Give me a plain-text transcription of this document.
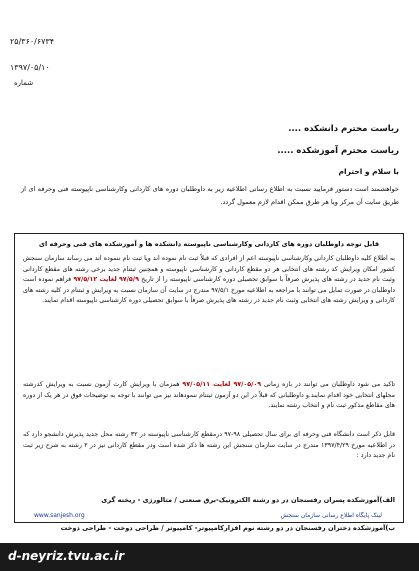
۲۵/۳۶۰/۶۷۳۴
۱۳۹۷/۰۵/۱۰
شماره
ریاست محترم دانشکده ....
ریاست محترم آموزشکده .....
با سلام و احترام
خواهشمند است دستور فرمایید نسبت به اطلاع رسانی اطلاعیه زیر به داوطلبان دوره های کاردانی وکارشناسی ناپیوسته فنی وحرفه ای از طریق سایت آن مرکز ویا هر طرق ممکن اقدام لازم معمول گردد.
قابل توجه داوطلبان دوره های کاردانی وکارشناسی ناپیوسته دانشکده ها و آموزشکده های فنی وحرفه ای
به اطلاع کلیه داوطلبان کاردانی وکارشناسی ناپیوسته اعم از افرادی که قبلاً ثبت نام نموده اند ویا ثبت نام ننموده اند می رساند سازمان سنجش کشور امکان ویرایش کد رشته های انتخابی هر دو مقطع کاردانی و کارشناسی ناپیوسته و همچنین ثبتنام جدید برخی رشته های مقطع کاردانی وثبت نام جدید در رشته های پذیرش صرفاً با سوابق تحصیلی دوره کارشناسی ناپیوسته را از تاریخ ۹۷/۵/۹ لغایت ۹۷/۵/۱۲ فراهم نموده است داوطلبان در صورت تمایل می توانند با مراجعه به اطلاعیه مورخ ۹۷/۵/۱ مندرج در سایت آن سازمان نسبت به ویرایش و ثبتنام در کلیه رشته های کاردانی و ویرایش رشته های انتخابی وثبت نام جدید در رشته های پذیرش صرفاً با سوابق تحصیلی دوره کارشناسی ناپیوسته اقدام نمایند.
تاکید می شود داوطلبان می توانند در بازه زمانی ۹۷/۰۵/۰۹ لغایت ۹۷/۰۵/۱۱ همزمان با ویرایش کارت آزمون نسبت به ویرایش کدرشته محلهای انتخابی خود اقدام نمایند.و داوطلبانی که قبلاً در این دو آزمون ثبتنام ننمودهاند نیز می توانند با توجه به توضیحات فوق در هر یک از دوره های مقاطع مذکور ثبت نام و انتخاب رشته نمایند.
قابل ذکر است دانشگاه فنی وحرفه ای برای سال تحصیلی ۹۸-۹۷ درمقطع کارشناسی ناپیوسته در ۳۲ رشته محل جدید پذیرش دانشجو دارد که در اطلاعیه مورخ ۱۳۹۷/۴/۲۹ مندرج در سایت سازمان سنجش این رشته ها ذکر شده است ودر مقطع کاردانی نیز در ۲ رشته به شرح زیر ثبت نام جدید دارد :
الف)آموزشکده پسران رفسنجان در دو رشته الکترونیک-برق صنعتی / متالورژی - ریخته گری
ب)آموزشکده دختران رفسنجان در دو رشته نوم افزارکامپیوتر- کامپیوتر / طراحی دوخت - طراحی دوخت
www.sanjesh.org	لینک پایگاه اطلاع رسانی سازمان سنجش
d-neyriz.tvu.ac.ir
